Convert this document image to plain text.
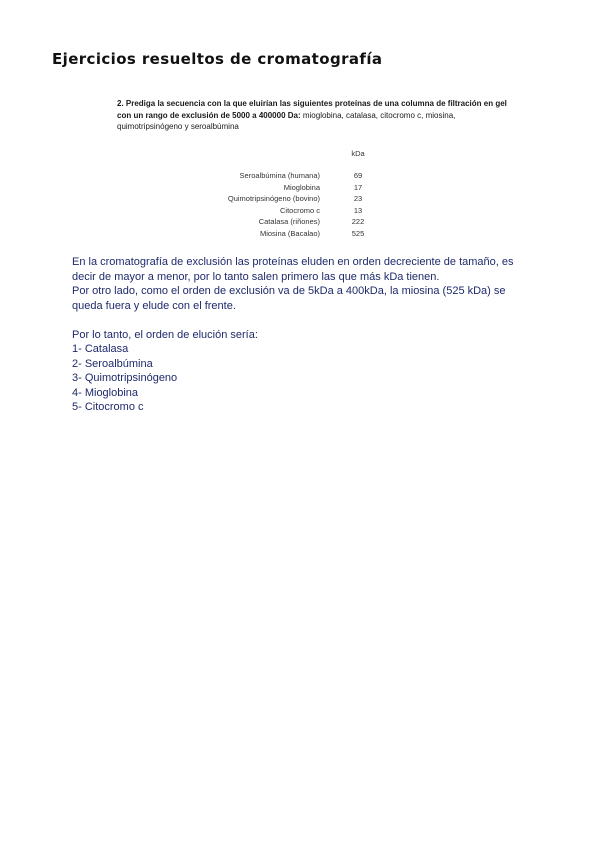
Ejercicios resueltos de cromatografía
2. Prediga la secuencia con la que eluirían las siguientes proteínas de una columna de filtración en gel con un rango de exclusión de 5000 a 400000 Da: mioglobina, catalasa, citocromo c, miosina, quimotripsinógeno y seroalbúmina
	kDa
Seroalbúmina (humana)	69
Mioglobina	17
Quimotripsinógeno (bovino)	23
Citocromo c	13
Catalasa (riñones)	222
Miosina (Bacalao)	525

En la cromatografía de exclusión las proteínas eluden en orden decreciente de tamaño, es decir de mayor a menor, por lo tanto salen primero las que más kDa tienen.

Por otro lado, como el orden de exclusión va de 5kDa a 400kDa, la miosina (525 kDa) se queda fuera y elude con el frente.

Por lo tanto, el orden de elución sería:

1- Catalasa
2- Seroalbúmina
3- Quimotripsinógeno
4- Mioglobina
5- Citocromo c
